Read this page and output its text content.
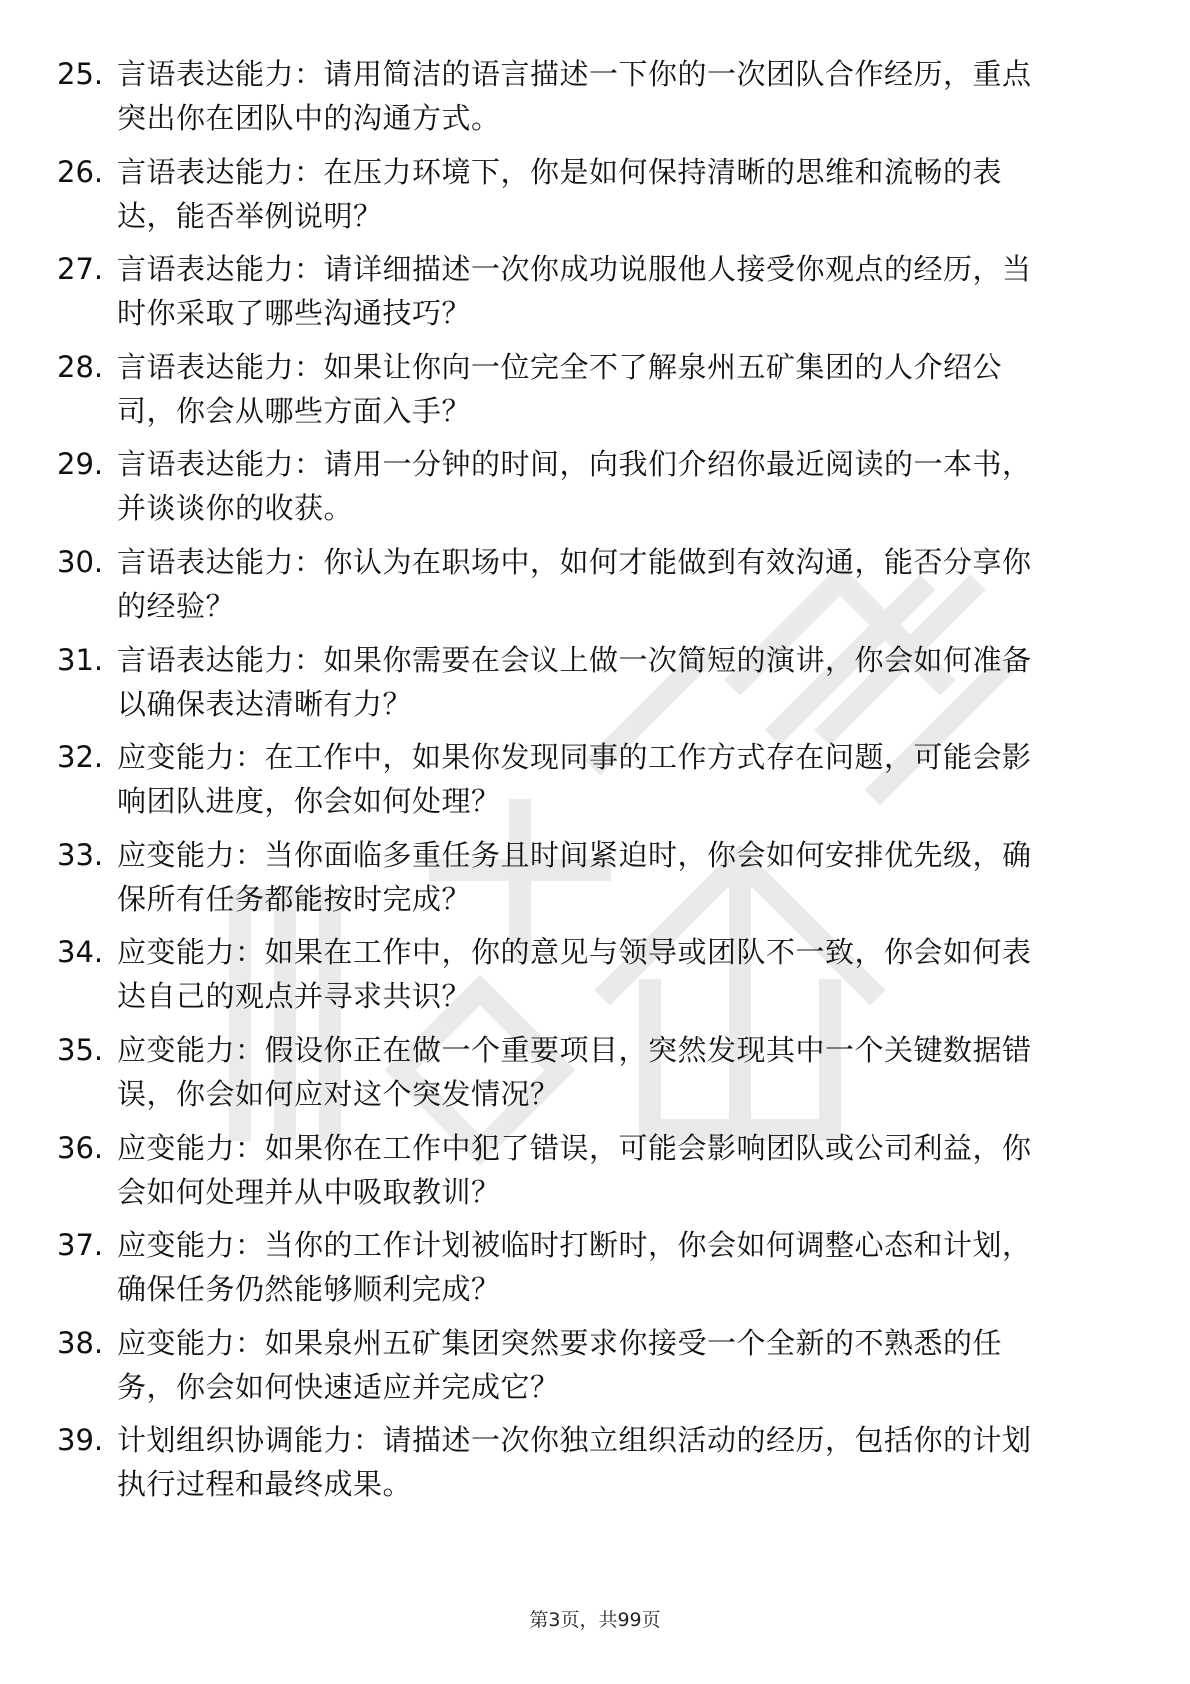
25. 言语表达能力：请用简洁的语言描述一下你的一次团队合作经历，重点突出你在团队中的沟通方式。
26. 言语表达能力：在压力环境下，你是如何保持清晰的思维和流畅的表达，能否举例说明？
27. 言语表达能力：请详细描述一次你成功说服他人接受你观点的经历，当时你采取了哪些沟通技巧？
28. 言语表达能力：如果让你向一位完全不了解泉州五矿集团的人介绍公司，你会从哪些方面入手？
29. 言语表达能力：请用一分钟的时间，向我们介绍你最近阅读的一本书，并谈谈你的收获。
30. 言语表达能力：你认为在职场中，如何才能做到有效沟通，能否分享你的经验？
31. 言语表达能力：如果你需要在会议上做一次简短的演讲，你会如何准备以确保表达清晰有力？
32. 应变能力：在工作中，如果你发现同事的工作方式存在问题，可能会影响团队进度，你会如何处理？
33. 应变能力：当你面临多重任务且时间紧迫时，你会如何安排优先级，确保所有任务都能按时完成？
34. 应变能力：如果在工作中，你的意见与领导或团队不一致，你会如何表达自己的观点并寻求共识？
35. 应变能力：假设你正在做一个重要项目，突然发现其中一个关键数据错误，你会如何应对这个突发情况？
36. 应变能力：如果你在工作中犯了错误，可能会影响团队或公司利益，你会如何处理并从中吸取教训？
37. 应变能力：当你的工作计划被临时打断时，你会如何调整心态和计划，确保任务仍然能够顺利完成？
38. 应变能力：如果泉州五矿集团突然要求你接受一个全新的不熟悉的任务，你会如何快速适应并完成它？
39. 计划组织协调能力：请描述一次你独立组织活动的经历，包括你的计划执行过程和最终成果。
第3页，共99页
